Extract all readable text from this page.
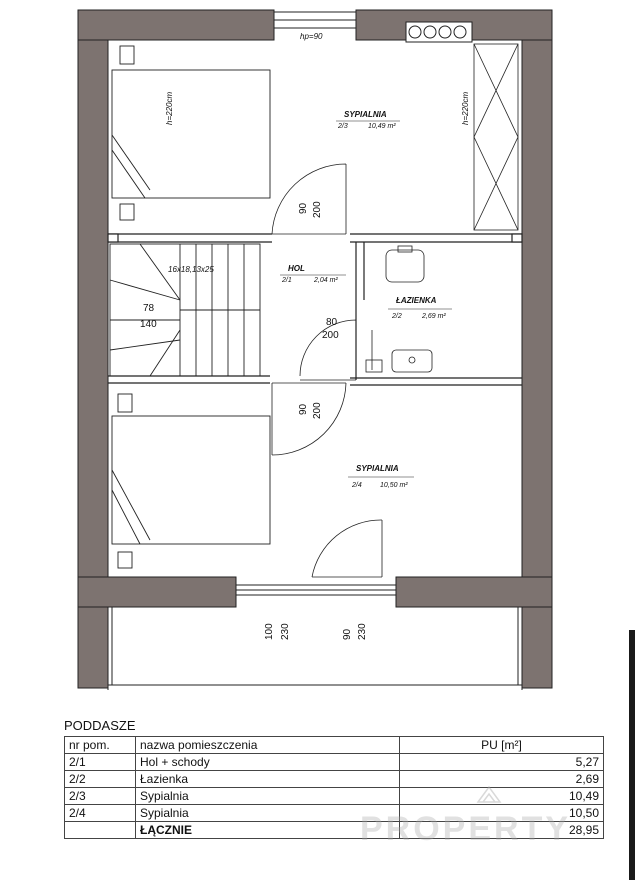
hp=90
16x18,13x25
78
140
h=220cm	h=220cm
90 200
80
200
90 200
100 230	90 230
SYPIALNIA
2/3	10,49 m²
HOL
2/1	2,04 m²
ŁAZIENKA
2/2	2,69 m²
SYPIALNIA
2/4	10,50 m²
PODDASZE
nr pom.	nazwa pomieszczenia	PU [m²]
2/1	Hol + schody	5,27
2/2	Łazienka	2,69
2/3	Sypialnia	10,49
2/4	Sypialnia	10,50
	ŁĄCZNIE	28,95
PROPERTY
